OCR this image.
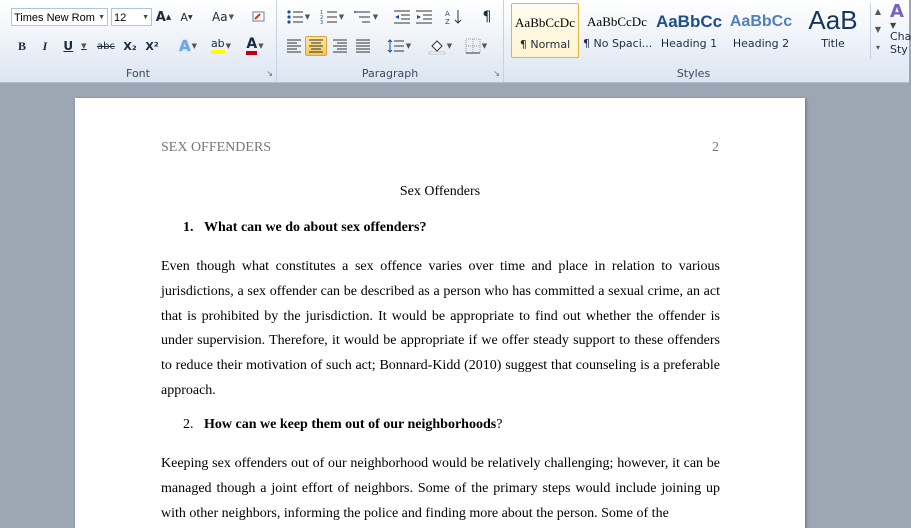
Times New Rom ▼ 12 ▼ A ▲ A ▼ Aa ▼
B I U ▼ abc X₂ X² A ▼ ab ▼ A ▼
Font	↘
▼ 1
2
3
▼	▼	A
Z ¶
▼	▼	▼
Paragraph	↘
AaBbCcDc
¶ Normal
AaBbCcDc
¶ No Spaci...
AaBbCc
Heading 1
AaBbCc
Heading 2
AaB
Title
▲
▼
▾
Styles
A
▼
Cha
Sty
SEX OFFENDERS	2
Sex Offenders
1. What can we do about sex offenders?
Even though what constitutes a sex offence varies over time and place in relation to various jurisdictions, a sex offender can be described as a person who has committed a sexual crime, an act that is prohibited by the jurisdiction. It would be appropriate to find out whether the offender is under supervision. Therefore, it would be appropriate if we offer steady support to these offenders to reduce their motivation of such act; Bonnard-Kidd (2010) suggest that counseling is a preferable approach.
2. How can we keep them out of our neighborhoods?
Keeping sex offenders out of our neighborhood would be relatively challenging; however, it can be managed though a joint effort of neighbors. Some of the primary steps would include joining up with other neighbors, informing the police and finding more about the person. Some of the
